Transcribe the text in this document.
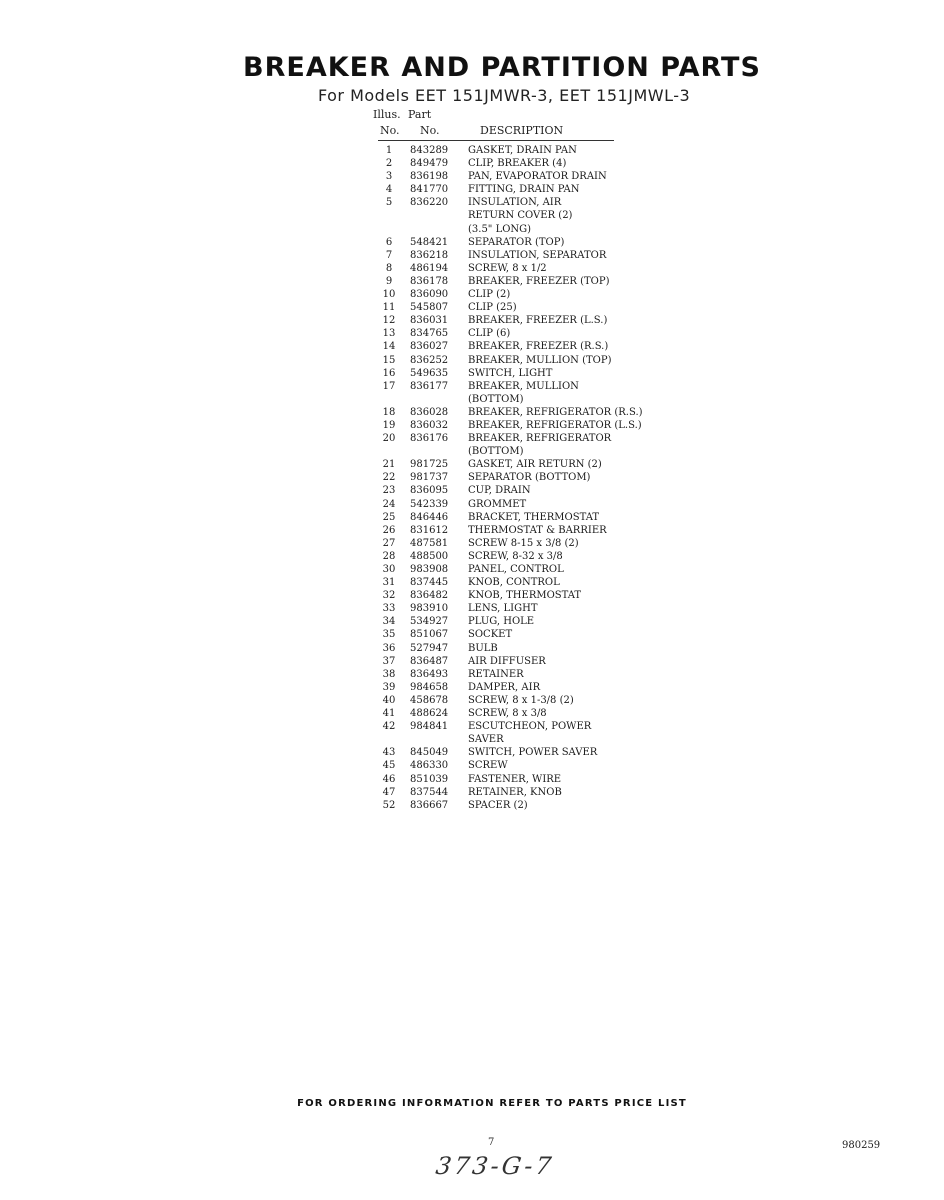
BREAKER AND PARTITION PARTS
For Models EET 151JMWR-3, EET 151JMWL-3
Illus. Part
No. No.	DESCRIPTION
1	843289	GASKET, DRAIN PAN
2	849479	CLIP, BREAKER (4)
3	836198	PAN, EVAPORATOR DRAIN
4	841770	FITTING, DRAIN PAN
5	836220	INSULATION, AIR
RETURN COVER (2)
(3.5" LONG)
6	548421	SEPARATOR (TOP)
7	836218	INSULATION, SEPARATOR
8	486194	SCREW, 8 x 1/2
9	836178	BREAKER, FREEZER (TOP)
10	836090	CLIP (2)
11	545807	CLIP (25)
12	836031	BREAKER, FREEZER (L.S.)
13	834765	CLIP (6)
14	836027	BREAKER, FREEZER (R.S.)
15	836252	BREAKER, MULLION (TOP)
16	549635	SWITCH, LIGHT
17	836177	BREAKER, MULLION
(BOTTOM)
18	836028	BREAKER, REFRIGERATOR (R.S.)
19	836032	BREAKER, REFRIGERATOR (L.S.)
20	836176	BREAKER, REFRIGERATOR
(BOTTOM)
21	981725	GASKET, AIR RETURN (2)
22	981737	SEPARATOR (BOTTOM)
23	836095	CUP, DRAIN
24	542339	GROMMET
25	846446	BRACKET, THERMOSTAT
26	831612	THERMOSTAT & BARRIER
27	487581	SCREW 8-15 x 3/8 (2)
28	488500	SCREW, 8-32 x 3/8
30	983908	PANEL, CONTROL
31	837445	KNOB, CONTROL
32	836482	KNOB, THERMOSTAT
33	983910	LENS, LIGHT
34	534927	PLUG, HOLE
35	851067	SOCKET
36	527947	BULB
37	836487	AIR DIFFUSER
38	836493	RETAINER
39	984658	DAMPER, AIR
40	458678	SCREW, 8 x 1-3/8 (2)
41	488624	SCREW, 8 x 3/8
42	984841	ESCUTCHEON, POWER
SAVER
43	845049	SWITCH, POWER SAVER
45	486330	SCREW
46	851039	FASTENER, WIRE
47	837544	RETAINER, KNOB
52	836667	SPACER (2)
FOR ORDERING INFORMATION REFER TO PARTS PRICE LIST
7	980259
373-G-7
